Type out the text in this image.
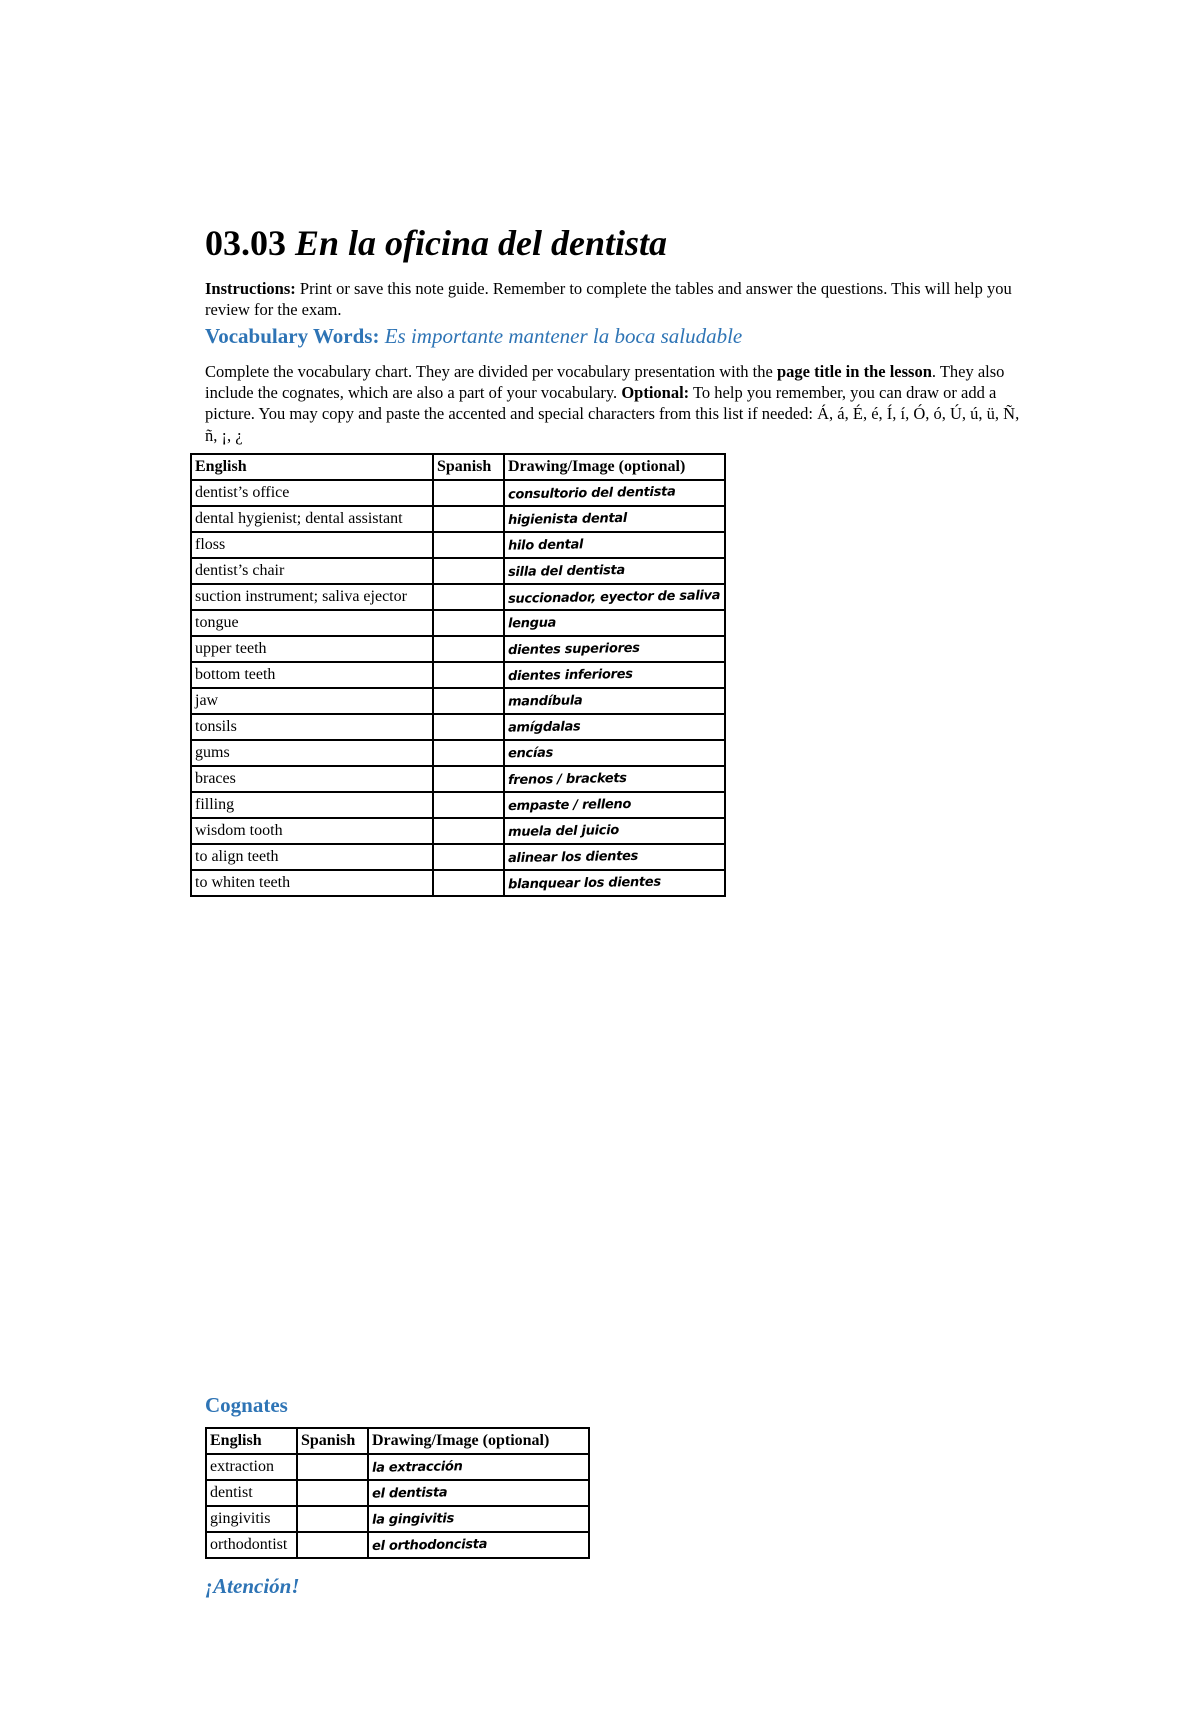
03.03 En la oficina del dentista

Instructions: Print or save this note guide. Remember to complete the tables and answer the questions. This will help you review for the exam.

Vocabulary Words: Es importante mantener la boca saludable

Complete the vocabulary chart. They are divided per vocabulary presentation with the page title in the lesson. They also include the cognates, which are also a part of your vocabulary. Optional: To help you remember, you can draw or add a picture. You may copy and paste the accented and special characters from this list if needed: Á, á, É, é, Í, í, Ó, ó, Ú, ú, ü, Ñ, ñ, ¡, ¿

English	Spanish	Drawing/Image (optional)
dentist’s office		consultorio del dentista
dental hygienist; dental assistant		higienista dental
floss		hilo dental
dentist’s chair		silla del dentista
suction instrument; saliva ejector		succionador, eyector de saliva
tongue		lengua
upper teeth		dientes superiores
bottom teeth		dientes inferiores
jaw		mandíbula
tonsils		amígdalas
gums		encías
braces		frenos / brackets
filling		empaste / relleno
wisdom tooth		muela del juicio
to align teeth		alinear los dientes
to whiten teeth		blanquear los dientes
Cognates
English	Spanish	Drawing/Image (optional)
extraction		la extracción
dentist		el dentista
gingivitis		la gingivitis
orthodontist		el orthodoncista
¡Atención!
